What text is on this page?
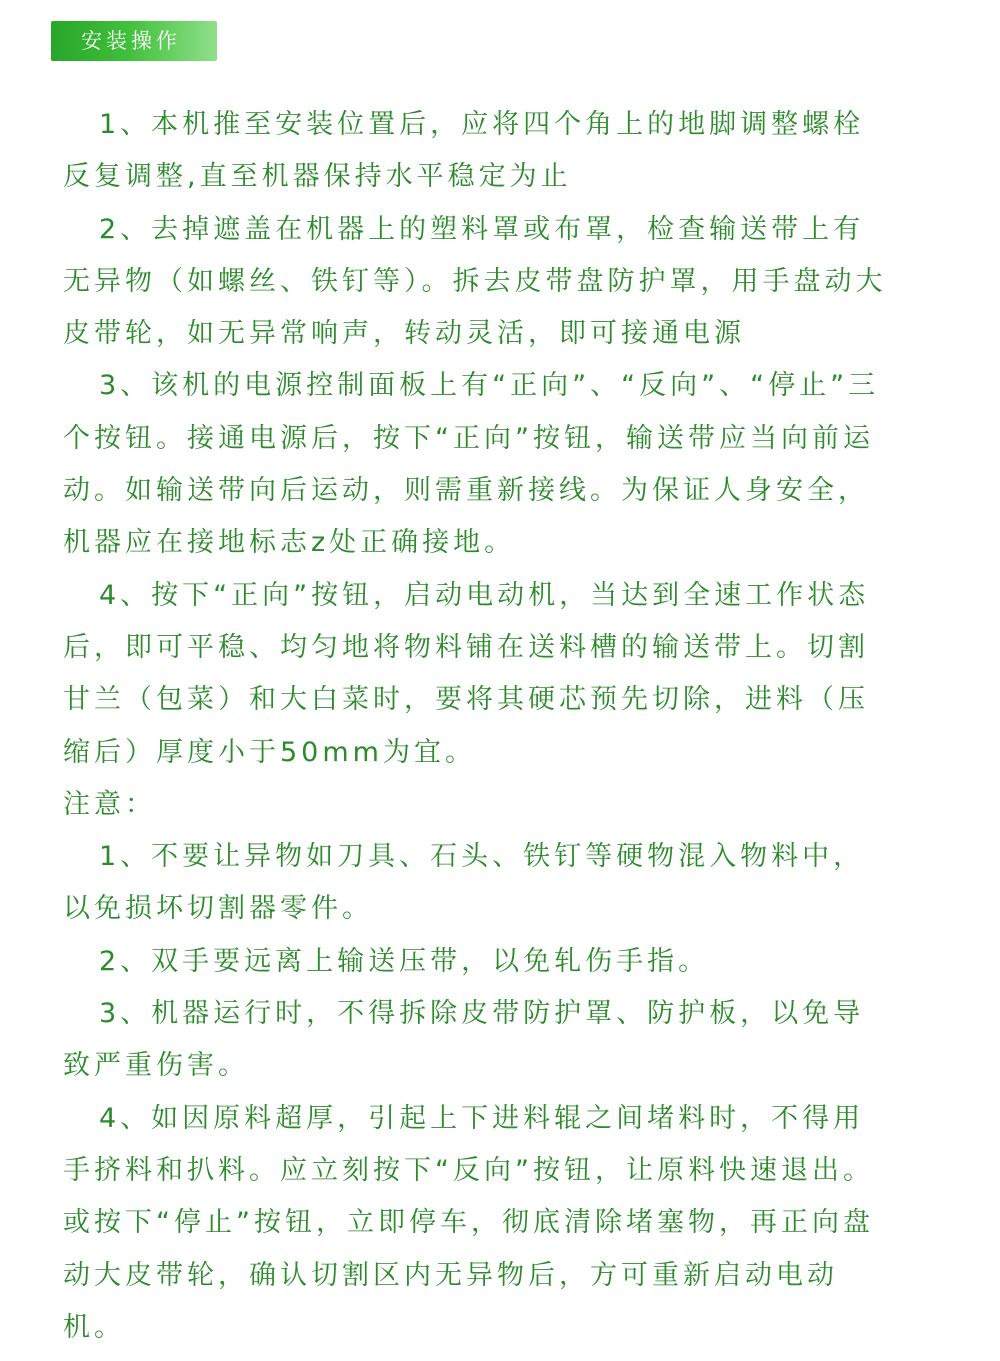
安装操作

1、本机推至安装位置后，应将四个角上的地脚调整螺栓反复调整,直至机器保持水平稳定为止

2、去掉遮盖在机器上的塑料罩或布罩，检查输送带上有无异物（如螺丝、铁钉等）。拆去皮带盘防护罩，用手盘动大皮带轮，如无异常响声，转动灵活，即可接通电源

3、该机的电源控制面板上有“正向”、“反向”、“停止”三个按钮。接通电源后，按下“正向”按钮，输送带应当向前运动。如输送带向后运动，则需重新接线。为保证人身安全，机器应在接地标志z处正确接地。

4、按下“正向”按钮，启动电动机，当达到全速工作状态后，即可平稳、均匀地将物料铺在送料槽的输送带上。切割甘兰（包菜）和大白菜时，要将其硬芯预先切除，进料（压缩后）厚度小于50mm为宜。

注意：

1、不要让异物如刀具、石头、铁钉等硬物混入物料中，以免损坏切割器零件。

2、双手要远离上输送压带，以免轧伤手指。

3、机器运行时，不得拆除皮带防护罩、防护板，以免导致严重伤害。

4、如因原料超厚，引起上下进料辊之间堵料时，不得用手挤料和扒料。应立刻按下“反向”按钮，让原料快速退出。或按下“停止”按钮，立即停车，彻底清除堵塞物，再正向盘动大皮带轮，确认切割区内无异物后，方可重新启动电动机。
